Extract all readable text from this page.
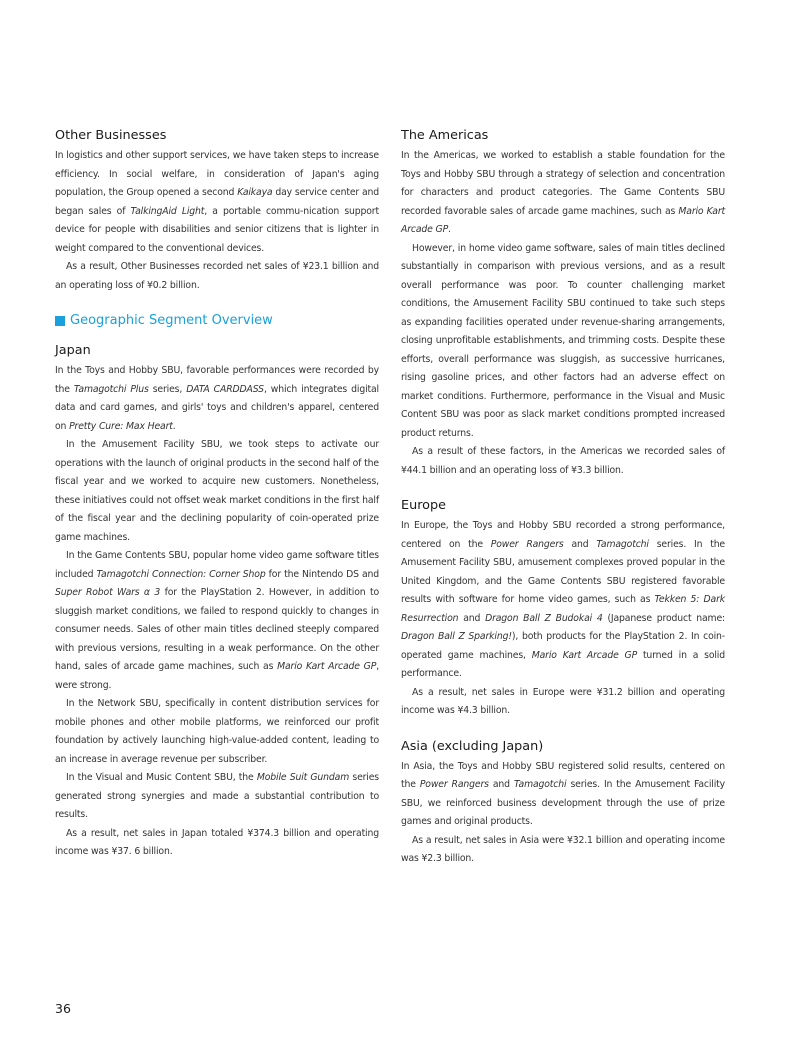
Other Businesses

In logistics and other support services, we have taken steps to increase efficiency. In social welfare, in consideration of Japan's aging population, the Group opened a second Kaikaya day service center and began sales of TalkingAid Light, a portable commu-nication support device for people with disabilities and senior citizens that is lighter in weight compared to the conventional devices.

As a result, Other Businesses recorded net sales of ¥23.1 billion and an operating loss of ¥0.2 billion.

Geographic Segment Overview
Japan

In the Toys and Hobby SBU, favorable performances were recorded by the Tamagotchi Plus series, DATA CARDDASS, which integrates digital data and card games, and girls' toys and children's apparel, centered on Pretty Cure: Max Heart.

In the Amusement Facility SBU, we took steps to activate our operations with the launch of original products in the second half of the fiscal year and we worked to acquire new customers. Nonetheless, these initiatives could not offset weak market conditions in the first half of the fiscal year and the declining popularity of coin-operated prize game machines.

In the Game Contents SBU, popular home video game software titles included Tamagotchi Connection: Corner Shop for the Nintendo DS and Super Robot Wars α 3 for the PlayStation 2. However, in addition to sluggish market conditions, we failed to respond quickly to changes in consumer needs. Sales of other main titles declined steeply compared with previous versions, resulting in a weak performance. On the other hand, sales of arcade game machines, such as Mario Kart Arcade GP, were strong.

In the Network SBU, specifically in content distribution services for mobile phones and other mobile platforms, we reinforced our profit foundation by actively launching high-value-added content, leading to an increase in average revenue per subscriber.

In the Visual and Music Content SBU, the Mobile Suit Gundam series generated strong synergies and made a substantial contribution to results.

As a result, net sales in Japan totaled ¥374.3 billion and operating income was ¥37. 6 billion.

The Americas

In the Americas, we worked to establish a stable foundation for the Toys and Hobby SBU through a strategy of selection and concentration for characters and product categories. The Game Contents SBU recorded favorable sales of arcade game machines, such as Mario Kart Arcade GP.

However, in home video game software, sales of main titles declined substantially in comparison with previous versions, and as a result overall performance was poor. To counter challenging market conditions, the Amusement Facility SBU continued to take such steps as expanding facilities operated under revenue-sharing arrangements, closing unprofitable establishments, and trimming costs. Despite these efforts, overall performance was sluggish, as successive hurricanes, rising gasoline prices, and other factors had an adverse effect on market conditions. Furthermore, performance in the Visual and Music Content SBU was poor as slack market conditions prompted increased product returns.

As a result of these factors, in the Americas we recorded sales of ¥44.1 billion and an operating loss of ¥3.3 billion.

Europe

In Europe, the Toys and Hobby SBU recorded a strong performance, centered on the Power Rangers and Tamagotchi series. In the Amusement Facility SBU, amusement complexes proved popular in the United Kingdom, and the Game Contents SBU registered favorable results with software for home video games, such as Tekken 5: Dark Resurrection and Dragon Ball Z Budokai 4 (Japanese product name: Dragon Ball Z Sparking!), both products for the PlayStation 2. In coin-operated game machines, Mario Kart Arcade GP turned in a solid performance.

As a result, net sales in Europe were ¥31.2 billion and operating income was ¥4.3 billion.

Asia (excluding Japan)

In Asia, the Toys and Hobby SBU registered solid results, centered on the Power Rangers and Tamagotchi series. In the Amusement Facility SBU, we reinforced business development through the use of prize games and original products.

As a result, net sales in Asia were ¥32.1 billion and operating income was ¥2.3 billion.

36
